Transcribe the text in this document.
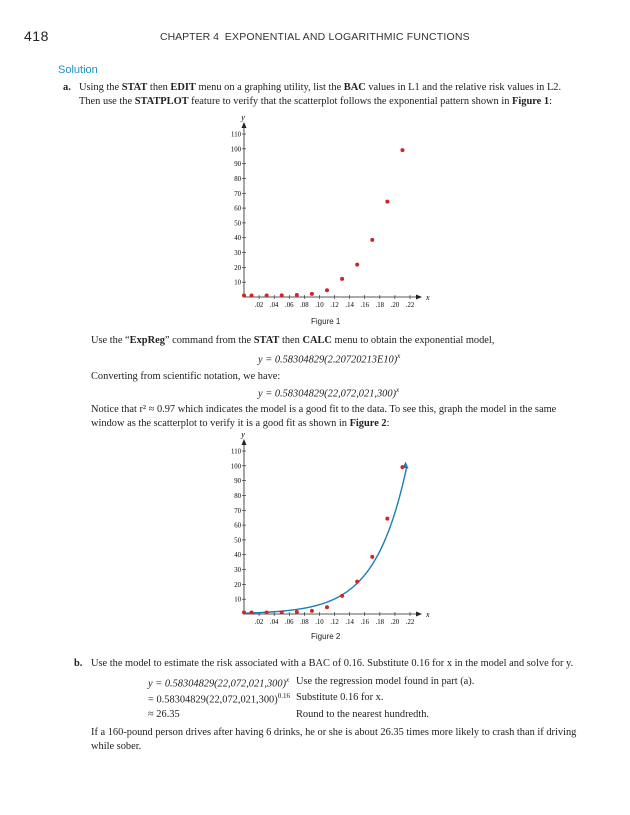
418	CHAPTER 4 EXPONENTIAL AND LOGARITHMIC FUNCTIONS
Solution
a. Using the STAT then EDIT menu on a graphing utility, list the BAC values in L1 and the relative risk values in L2.
Then use the STATPLOT feature to verify that the scatterplot follows the exponential pattern shown in Figure 1:
y
x
.02 .04 .06 .08 .10 .12 .14 .16 .18 .20 .22
10
20
30
40
50
60
70
80
90
100
110
Figure 1
Use the “ExpReg” command from the STAT then CALC menu to obtain the exponential model,
$y = 0.58304829(2.20720213E10)^x$
Converting from scientific notation, we have:
$y = 0.58304829(22,072,021,300)^x$
Notice that r² ≈ 0.97 which indicates the model is a good fit to the data. To see this, graph the model in the same
window as the scatterplot to verify it is a good fit as shown in Figure 2:
y
x
.02 .04 .06 .08 .10 .12 .14 .16 .18 .20 .22
10
20
30
40
50
60
70
80
90
100
110
Figure 2
b. Use the model to estimate the risk associated with a BAC of 0.16. Substitute 0.16 for x in the model and solve for y.
$y = 0.58304829(22,072,021,300)^x$ Use the regression model found in part (a).
= $0.58304829(22,072,021,300)^{0.16}$ Substitute 0.16 for x.
≈ 26.35	Round to the nearest hundredth.
If a 160-pound person drives after having 6 drinks, he or she is about 26.35 times more likely to crash than if driving
while sober.
